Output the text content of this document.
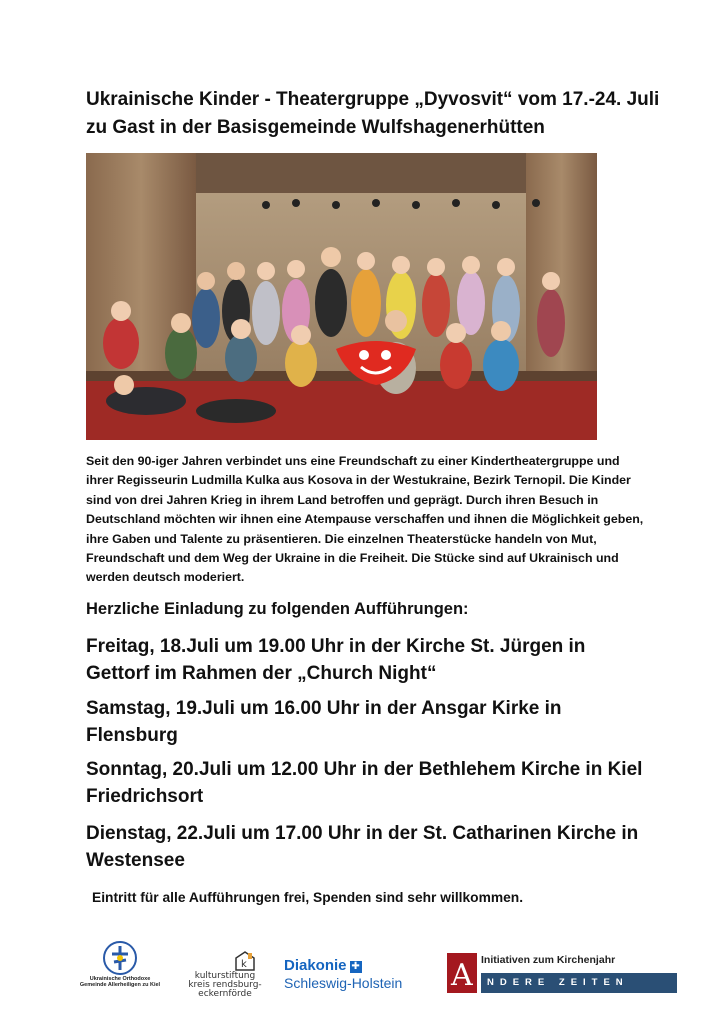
Ukrainische Kinder - Theatergruppe „Dyvosvit“ vom 17.-24. Juli zu Gast in der Basisgemeinde Wulfshagenerhütten

Seit den 90-iger Jahren verbindet uns eine Freundschaft zu einer Kindertheatergruppe und ihrer Regisseurin Ludmilla Kulka aus Kosova in der Westukraine, Bezirk Ternopil. Die Kinder sind von drei Jahren Krieg in ihrem Land betroffen und geprägt. Durch ihren Besuch in Deutschland möchten wir ihnen eine Atempause verschaffen und ihnen die Möglichkeit geben, ihre Gaben und Talente zu präsentieren. Die einzelnen Theaterstücke handeln von Mut, Freundschaft und dem Weg der Ukraine in die Freiheit. Die Stücke sind auf Ukrainisch und werden deutsch moderiert.

Herzliche Einladung zu folgenden Aufführungen:

Freitag, 18.Juli um 19.00 Uhr in der Kirche St. Jürgen in Gettorf im Rahmen der „Church Night“

Samstag, 19.Juli um 16.00 Uhr in der Ansgar Kirke in Flensburg

Sonntag, 20.Juli um 12.00 Uhr in der Bethlehem Kirche in Kiel Friedrichsort

Dienstag, 22.Juli um 17.00 Uhr in der St. Catharinen Kirche in Westensee

Eintritt für alle Aufführungen frei, Spenden sind sehr willkommen.

Ukrainische Orthodoxe
Gemeinde Allerheiligen zu Kiel
k
kulturstiftung
kreis rendsburg-
eckernförde
Diakonie ✚
Schleswig-Holstein	A Initiativen zum Kirchenjahr
NDERE ZEITEN
